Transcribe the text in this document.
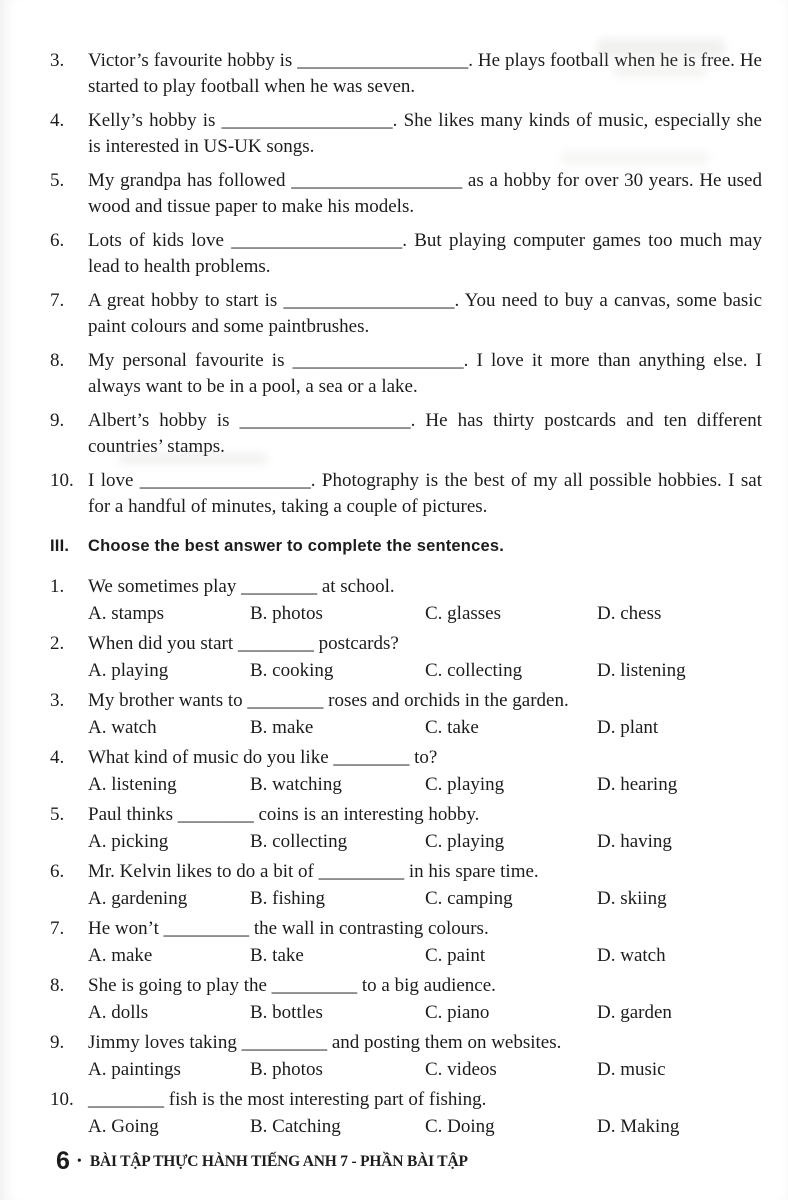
3.	Victor’s favourite hobby is __________________. He plays football when he is free. He started to play football when he was seven.
4.	Kelly’s hobby is __________________. She likes many kinds of music, especially she is interested in US-UK songs.
5.	My grandpa has followed __________________ as a hobby for over 30 years. He used wood and tissue paper to make his models.
6.	Lots of kids love __________________. But playing computer games too much may lead to health problems.
7.	A great hobby to start is __________________. You need to buy a canvas, some basic paint colours and some paintbrushes.
8.	My personal favourite is __________________. I love it more than anything else. I always want to be in a pool, a sea or a lake.
9.	Albert’s hobby is __________________. He has thirty postcards and ten different countries’ stamps.
10. I love __________________. Photography is the best of my all possible hobbies. I sat for a handful of minutes, taking a couple of pictures.
III.	Choose the best answer to complete the sentences.
1.	We sometimes play ________ at school.
A. stamps	B. photos	C. glasses	D. chess
2.	When did you start ________ postcards?
A. playing	B. cooking	C. collecting	D. listening
3.	My brother wants to ________ roses and orchids in the garden.
A. watch	B. make	C. take	D. plant
4.	What kind of music do you like ________ to?
A. listening	B. watching	C. playing	D. hearing
5.	Paul thinks ________ coins is an interesting hobby.
A. picking	B. collecting	C. playing	D. having
6.	Mr. Kelvin likes to do a bit of _________ in his spare time.
A. gardening	B. fishing	C. camping	D. skiing
7.	He won’t _________ the wall in contrasting colours.
A. make	B. take	C. paint	D. watch
8.	She is going to play the _________ to a big audience.
A. dolls	B. bottles	C. piano	D. garden
9.	Jimmy loves taking _________ and posting them on websites.
A. paintings	B. photos	C. videos	D. music
10. ________ fish is the most interesting part of fishing.
A. Going	B. Catching	C. Doing	D. Making
6 • BÀI TẬP THỰC HÀNH TIẾNG ANH 7 - PHẦN BÀI TẬP
